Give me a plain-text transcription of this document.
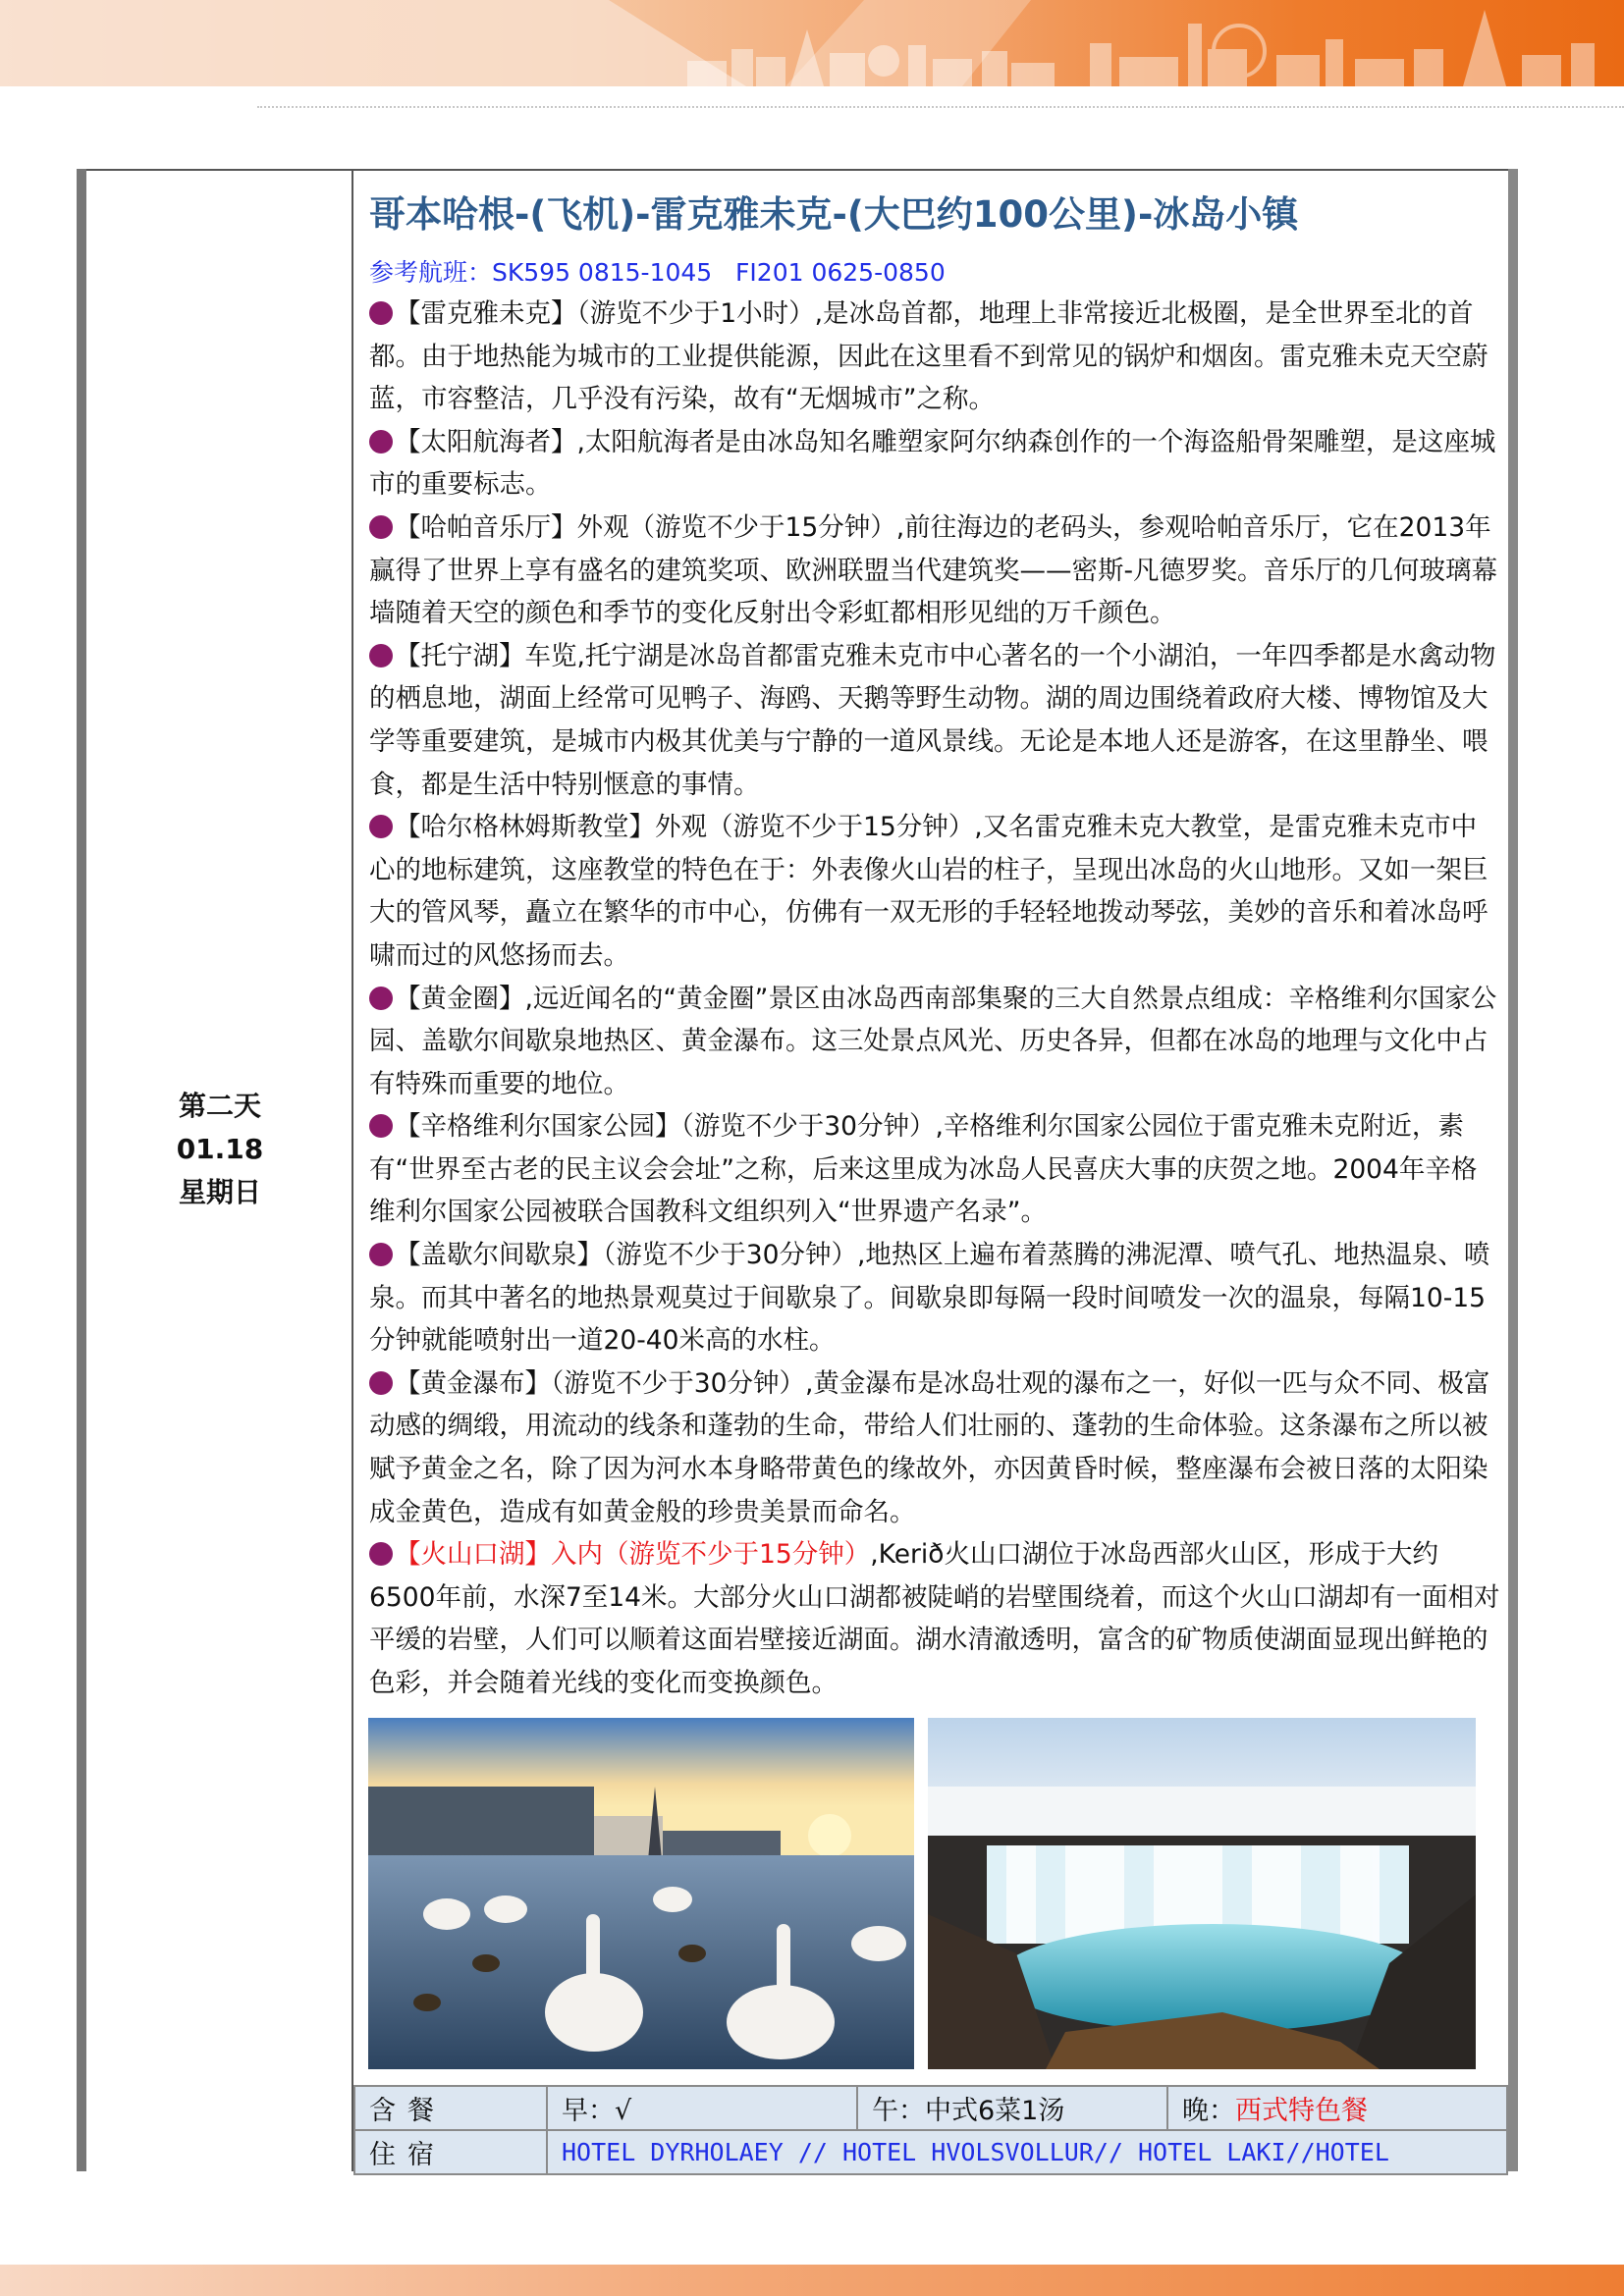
第二天
01.18
星期日
哥本哈根-(飞机)-雷克雅未克-(大巴约100公里)-冰岛小镇

参考航班：SK595 0815-1045   FI201 0625-0850

【雷克雅未克】（游览不少于1小时）,是冰岛首都，地理上非常接近北极圈，是全世界至北的首都。由于地热能为城市的工业提供能源，因此在这里看不到常见的锅炉和烟囱。雷克雅未克天空蔚蓝，市容整洁，几乎没有污染，故有“无烟城市”之称。

【太阳航海者】,太阳航海者是由冰岛知名雕塑家阿尔纳森创作的一个海盗船骨架雕塑，是这座城市的重要标志。

【哈帕音乐厅】外观（游览不少于15分钟）,前往海边的老码头，参观哈帕音乐厅，它在2013年赢得了世界上享有盛名的建筑奖项、欧洲联盟当代建筑奖——密斯-凡德罗奖。音乐厅的几何玻璃幕墙随着天空的颜色和季节的变化反射出令彩虹都相形见绌的万千颜色。

【托宁湖】车览,托宁湖是冰岛首都雷克雅未克市中心著名的一个小湖泊，一年四季都是水禽动物的栖息地，湖面上经常可见鸭子、海鸥、天鹅等野生动物。湖的周边围绕着政府大楼、博物馆及大学等重要建筑，是城市内极其优美与宁静的一道风景线。无论是本地人还是游客，在这里静坐、喂食，都是生活中特别惬意的事情。

【哈尔格林姆斯教堂】外观（游览不少于15分钟）,又名雷克雅未克大教堂，是雷克雅未克市中心的地标建筑，这座教堂的特色在于：外表像火山岩的柱子，呈现出冰岛的火山地形。又如一架巨大的管风琴，矗立在繁华的市中心，仿佛有一双无形的手轻轻地拨动琴弦，美妙的音乐和着冰岛呼啸而过的风悠扬而去。

【黄金圈】,远近闻名的“黄金圈”景区由冰岛西南部集聚的三大自然景点组成：辛格维利尔国家公园、盖歇尔间歇泉地热区、黄金瀑布。这三处景点风光、历史各异，但都在冰岛的地理与文化中占有特殊而重要的地位。

【辛格维利尔国家公园】（游览不少于30分钟）,辛格维利尔国家公园位于雷克雅未克附近，素有“世界至古老的民主议会会址”之称，后来这里成为冰岛人民喜庆大事的庆贺之地。2004年辛格维利尔国家公园被联合国教科文组织列入“世界遗产名录”。

【盖歇尔间歇泉】（游览不少于30分钟）,地热区上遍布着蒸腾的沸泥潭、喷气孔、地热温泉、喷泉。而其中著名的地热景观莫过于间歇泉了。间歇泉即每隔一段时间喷发一次的温泉，每隔10-15分钟就能喷射出一道20-40米高的水柱。

【黄金瀑布】（游览不少于30分钟）,黄金瀑布是冰岛壮观的瀑布之一，好似一匹与众不同、极富动感的绸缎，用流动的线条和蓬勃的生命，带给人们壮丽的、蓬勃的生命体验。这条瀑布之所以被赋予黄金之名，除了因为河水本身略带黄色的缘故外，亦因黄昏时候，整座瀑布会被日落的太阳染成金黄色，造成有如黄金般的珍贵美景而命名。

【火山口湖】入内（游览不少于15分钟）,Kerið火山口湖位于冰岛西部火山区，形成于大约6500年前，水深7至14米。大部分火山口湖都被陡峭的岩壁围绕着，而这个火山口湖却有一面相对平缓的岩壁，人们可以顺着这面岩壁接近湖面。湖水清澈透明，富含的矿物质使湖面显现出鲜艳的色彩，并会随着光线的变化而变换颜色。

含餐	早：√	午：中式6菜1汤	晚：西式特色餐
住宿	HOTEL DYRHOLAEY // HOTEL HVOLSVOLLUR// HOTEL LAKI//HOTEL		
